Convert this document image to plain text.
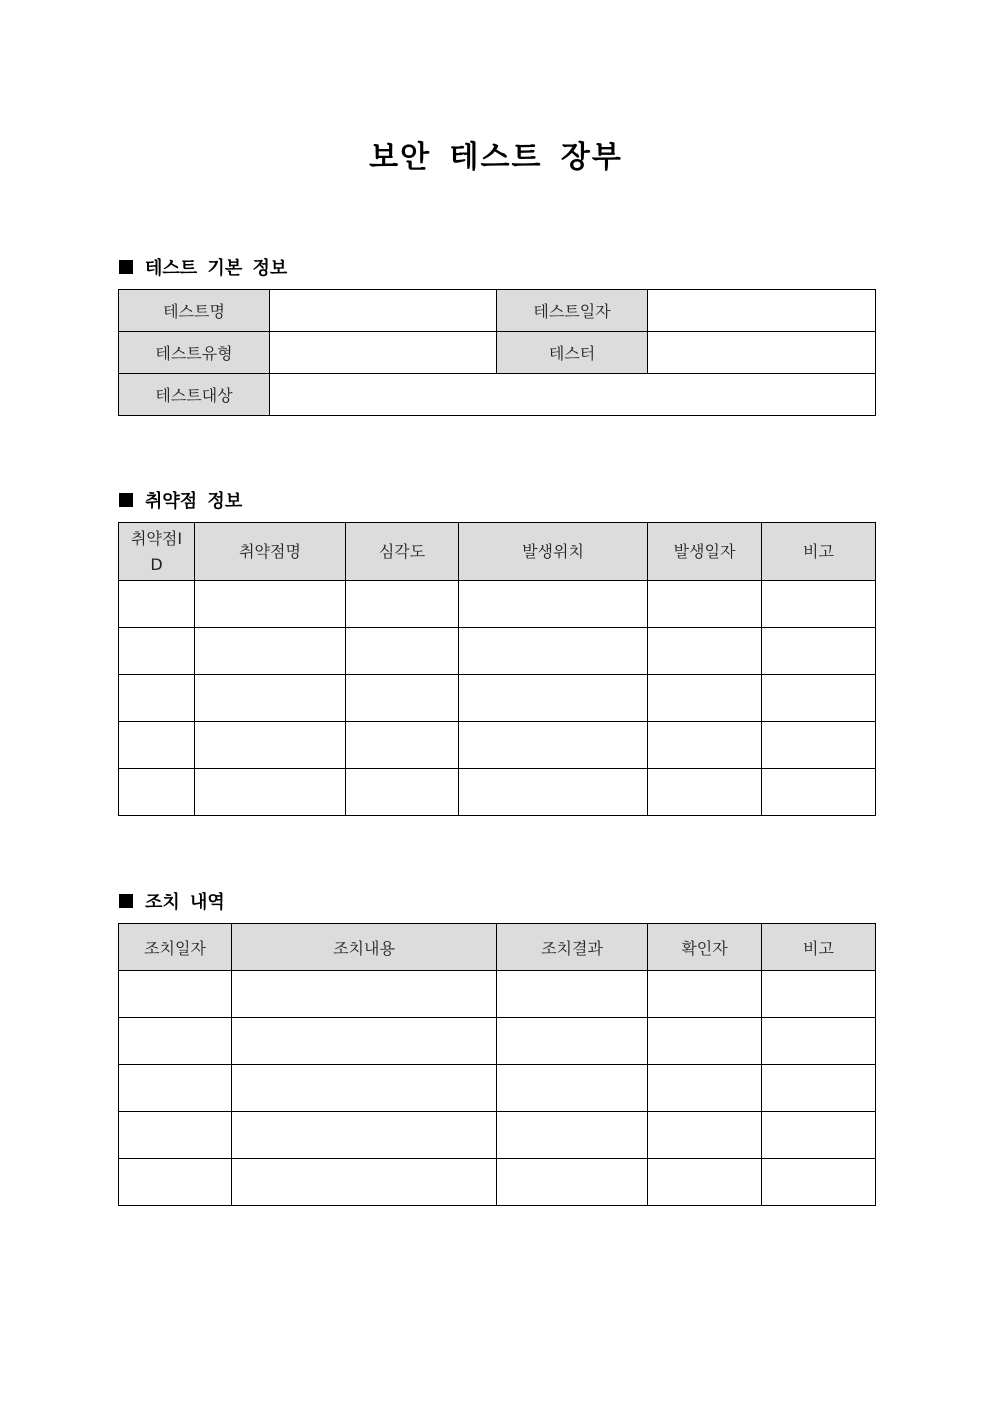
보안 테스트 장부
테스트 기본 정보
테스트명		테스트일자	
테스트유형		테스터	
테스트대상			
취약점 정보
취약점ID	취약점명	심각도	발생위치	발생일자	비고

조치 내역
조치일자	조치내용	조치결과	확인자	비고
